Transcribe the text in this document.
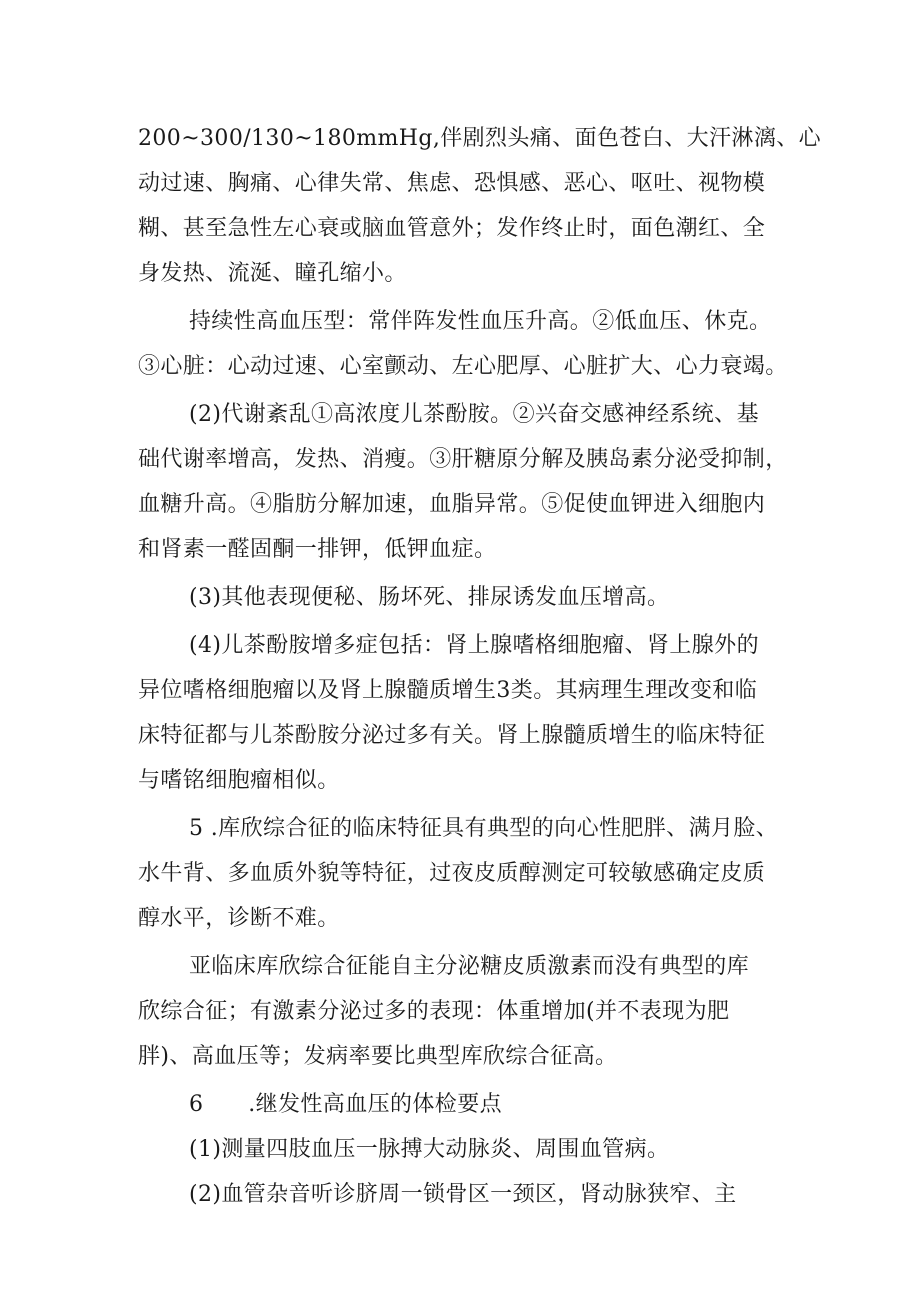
200~300/130~180mmHg,伴剧烈头痛、面色苍白、大汗淋漓、心
动过速、胸痛、心律失常、焦虑、恐惧感、恶心、呕吐、视物模
糊、甚至急性左心衰或脑血管意外；发作终止时，面色潮红、全
身发热、流涎、瞳孔缩小。
持续性高血压型：常伴阵发性血压升高。②低血压、休克。
③心脏：心动过速、心室颤动、左心肥厚、心脏扩大、心力衰竭。
(2)代谢紊乱①高浓度儿茶酚胺。②兴奋交感神经系统、基
础代谢率增高，发热、消瘦。③肝糖原分解及胰岛素分泌受抑制，
血糖升高。④脂肪分解加速，血脂异常。⑤促使血钾进入细胞内
和肾素一醛固酮一排钾，低钾血症。
(3)其他表现便秘、肠坏死、排尿诱发血压增高。
(4)儿茶酚胺增多症包括：肾上腺嗜格细胞瘤、肾上腺外的
异位嗜格细胞瘤以及肾上腺髓质增生3类。其病理生理改变和临
床特征都与儿茶酚胺分泌过多有关。肾上腺髓质增生的临床特征
与嗜铭细胞瘤相似。
5 .库欣综合征的临床特征具有典型的向心性肥胖、满月脸、
水牛背、多血质外貌等特征，过夜皮质醇测定可较敏感确定皮质
醇水平，诊断不难。
亚临床库欣综合征能自主分泌糖皮质激素而没有典型的库
欣综合征；有激素分泌过多的表现：体重增加(并不表现为肥
胖)、高血压等；发病率要比典型库欣综合征高。
6　　.继发性高血压的体检要点
(1)测量四肢血压一脉搏大动脉炎、周围血管病。
(2)血管杂音听诊脐周一锁骨区一颈区，肾动脉狭窄、主
